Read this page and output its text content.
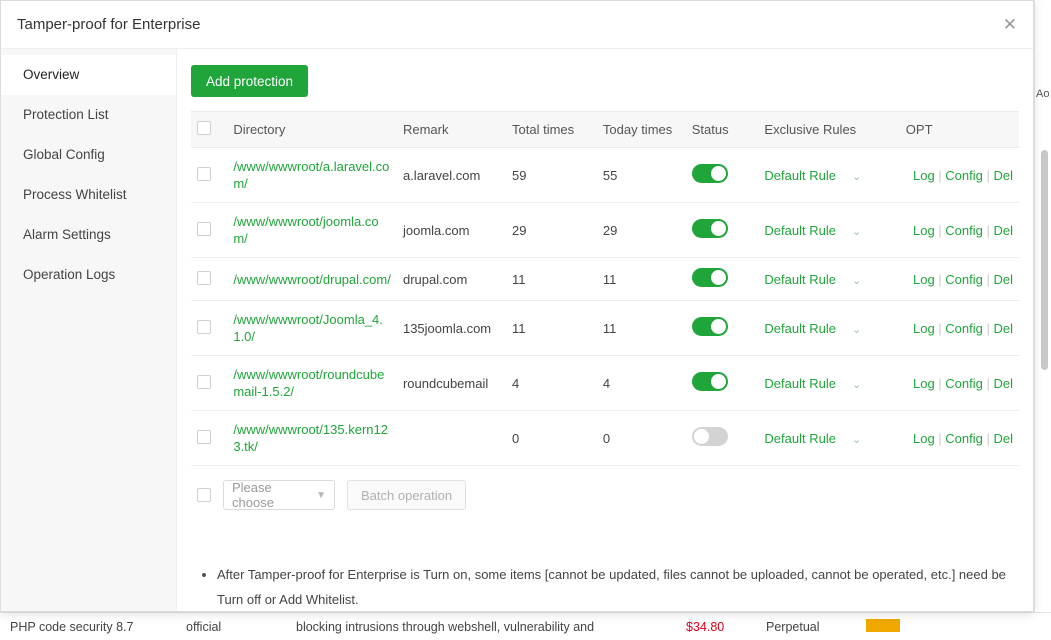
Ao
PHP code security 8.7	official	blocking intrusions through webshell, vulnerability and	$34.80	Perpetual
Tamper-proof for Enterprise	✕
Overview
Protection List
Global Config
Process Whitelist
Alarm Settings
Operation Logs
Add protection
	Directory	Remark	Total times	Today times	Status	Exclusive Rules	OPT
	/www/wwwroot/a.laravel.com/	a.laravel.com	59	55		Default Rule ⌄	Log | Config | Del
	/www/wwwroot/joomla.com/	joomla.com	29	29		Default Rule ⌄	Log | Config | Del
	/www/wwwroot/drupal.com/	drupal.com	11	11		Default Rule ⌄	Log | Config | Del
	/www/wwwroot/Joomla_4.1.0/	135joomla.com	11	11		Default Rule ⌄	Log | Config | Del
	/www/wwwroot/roundcubemail-1.5.2/	roundcubemail	4	4		Default Rule ⌄	Log | Config | Del
	/www/wwwroot/135.kern123.tk/		0	0		Default Rule ⌄	Log | Config | Del
Please choose	▼	Batch operation
• After Tamper-proof for Enterprise is Turn on, some items [cannot be updated, files cannot be uploaded, cannot be operated, etc.] need be Turn off or Add Whitelist.
